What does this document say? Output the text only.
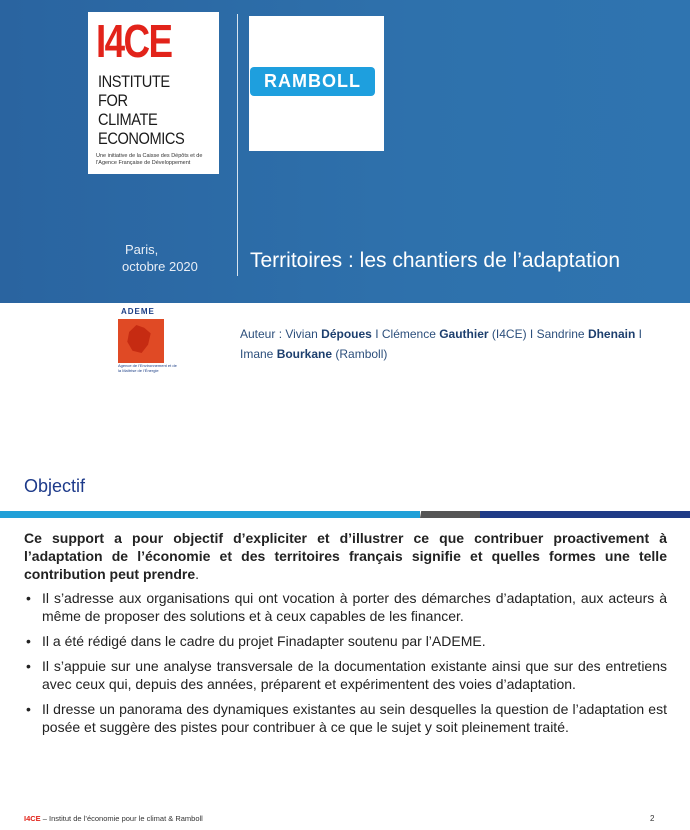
I4CE
INSTITUTE FOR
CLIMATE
ECONOMICS
Une initiative de la Caisse des Dépôts et de l'Agence Française de Développement
RAMBOLL
Paris,
octobre 2020	Territoires : les chantiers de l’adaptation
ADEME
Agence de l'Environnement et de la Maîtrise de l'Énergie
Auteur : Vivian Dépoues I Clémence Gauthier (I4CE) I Sandrine Dhenain I Imane Bourkane (Ramboll)
Objectif

Ce support a pour objectif d’expliciter et d’illustrer ce que contribuer proactivement à l’adaptation de l’économie et des territoires français signifie et quelles formes une telle contribution peut prendre.

• Il s’adresse aux organisations qui ont vocation à porter des démarches d’adaptation, aux acteurs à même de proposer des solutions et à ceux capables de les financer.
• Il a été rédigé dans le cadre du projet Finadapter soutenu par l’ADEME.
• Il s’appuie sur une analyse transversale de la documentation existante ainsi que sur des entretiens avec ceux qui, depuis des années, préparent et expérimentent des voies d’adaptation.
• Il dresse un panorama des dynamiques existantes au sein desquelles la question de l’adaptation est posée et suggère des pistes pour contribuer à ce que le sujet y soit pleinement traité.
I4CE – Institut de l’économie pour le climat & Ramboll	2
